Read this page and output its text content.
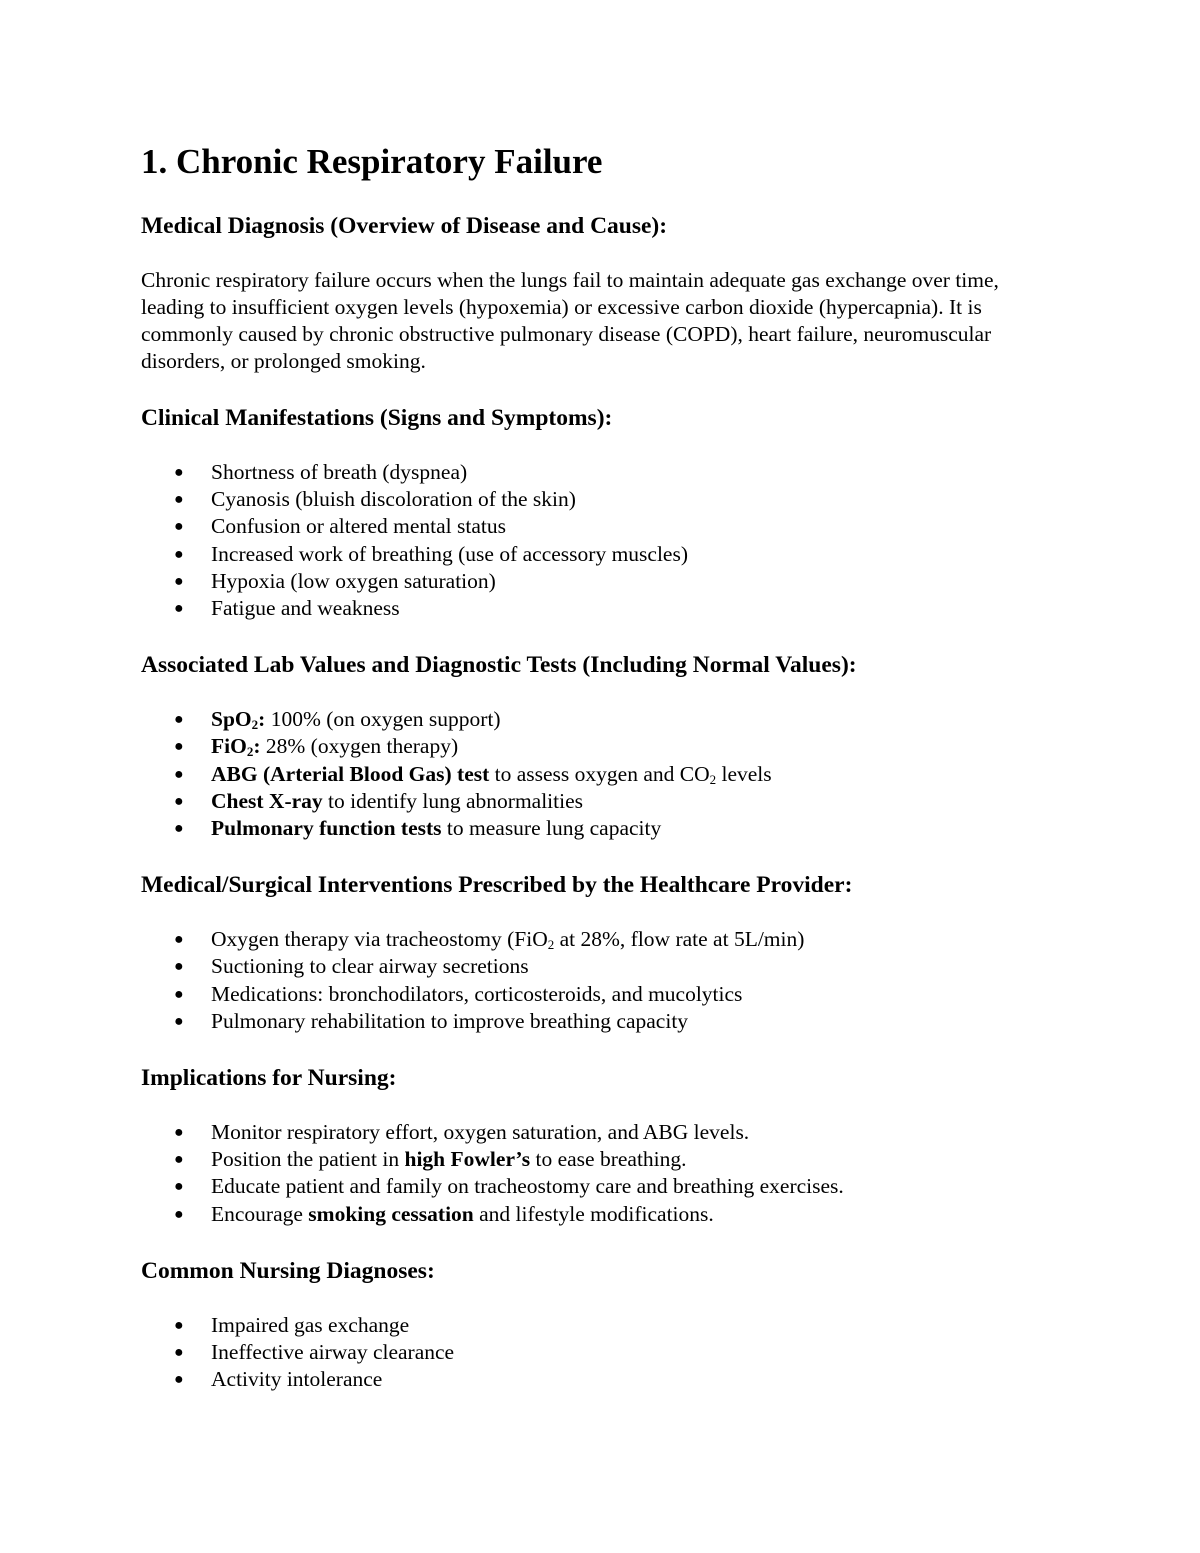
1. Chronic Respiratory Failure
Medical Diagnosis (Overview of Disease and Cause):

Chronic respiratory failure occurs when the lungs fail to maintain adequate gas exchange over time, leading to insufficient oxygen levels (hypoxemia) or excessive carbon dioxide (hypercapnia). It is commonly caused by chronic obstructive pulmonary disease (COPD), heart failure, neuromuscular disorders, or prolonged smoking.

Clinical Manifestations (Signs and Symptoms):
● Shortness of breath (dyspnea)
● Cyanosis (bluish discoloration of the skin)
● Confusion or altered mental status
● Increased work of breathing (use of accessory muscles)
● Hypoxia (low oxygen saturation)
● Fatigue and weakness
Associated Lab Values and Diagnostic Tests (Including Normal Values):
● SpO$_2$: 100% (on oxygen support)
● FiO$_2$: 28% (oxygen therapy)
● ABG (Arterial Blood Gas) test to assess oxygen and $CO_2$ levels
● Chest X-ray to identify lung abnormalities
● Pulmonary function tests to measure lung capacity
Medical/Surgical Interventions Prescribed by the Healthcare Provider:
● Oxygen therapy via tracheostomy (FiO$_2$ at 28%, flow rate at 5L/min)
● Suctioning to clear airway secretions
● Medications: bronchodilators, corticosteroids, and mucolytics
● Pulmonary rehabilitation to improve breathing capacity
Implications for Nursing:
● Monitor respiratory effort, oxygen saturation, and ABG levels.
● Position the patient in high Fowler’s to ease breathing.
● Educate patient and family on tracheostomy care and breathing exercises.
● Encourage smoking cessation and lifestyle modifications.
Common Nursing Diagnoses:
● Impaired gas exchange
● Ineffective airway clearance
● Activity intolerance
